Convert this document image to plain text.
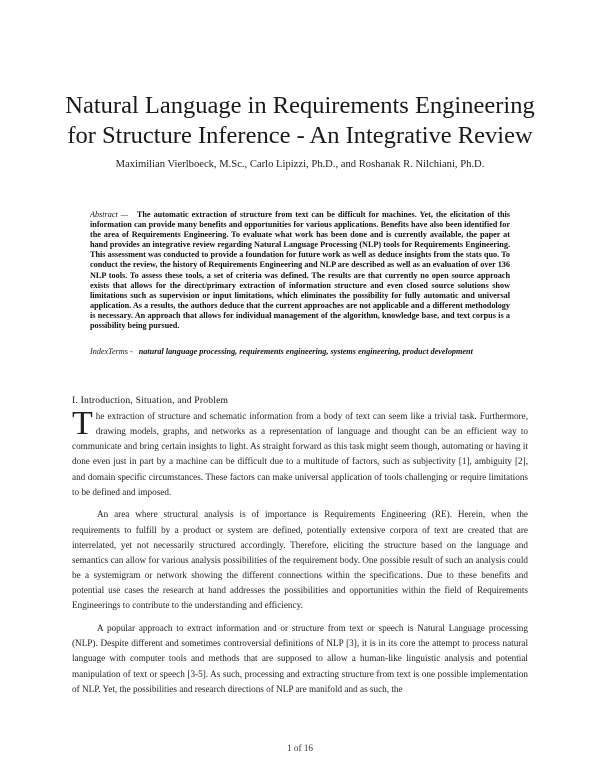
Natural Language in Requirements Engineering
for Structure Inference - An Integrative Review
Maximilian Vierlboeck, M.Sc., Carlo Lipizzi, Ph.D., and Roshanak R. Nilchiani, Ph.D.
Abstract — The automatic extraction of structure from text can be difficult for machines. Yet, the elicitation of this information can provide many benefits and opportunities for various applications. Benefits have also been identified for the area of Requirements Engineering. To evaluate what work has been done and is currently available, the paper at hand provides an integrative review regarding Natural Language Processing (NLP) tools for Requirements Engineering. This assessment was conducted to provide a foundation for future work as well as deduce insights from the stats quo. To conduct the review, the history of Requirements Engineering and NLP are described as well as an evaluation of over 136 NLP tools. To assess these tools, a set of criteria was defined. The results are that currently no open source approach exists that allows for the direct/primary extraction of information structure and even closed source solutions show limitations such as supervision or input limitations, which eliminates the possibility for fully automatic and universal application. As a results, the authors deduce that the current approaches are not applicable and a different methodology is necessary. An approach that allows for individual management of the algorithm, knowledge base, and text corpus is a possibility being pursued.
IndexTerms - natural language processing, requirements engineering, systems engineering, product development
I. Introduction, Situation, and Problem

The extraction of structure and schematic information from a body of text can seem like a trivial task. Furthermore, drawing models, graphs, and networks as a representation of language and thought can be an efficient way to communicate and bring certain insights to light. As straight forward as this task might seem though, automating or having it done even just in part by a machine can be difficult due to a multitude of factors, such as subjectivity [1], ambiguity [2], and domain specific circumstances. These factors can make universal application of tools challenging or require limitations to be defined and imposed.

An area where structural analysis is of importance is Requirements Engineering (RE). Herein, when the requirements to fulfill by a product or system are defined, potentially extensive corpora of text are created that are interrelated, yet not necessarily structured accordingly. Therefore, eliciting the structure based on the language and semantics can allow for various analysis possibilities of the requirement body. One possible result of such an analysis could be a systemigram or network showing the different connections within the specifications. Due to these benefits and potential use cases the research at hand addresses the possibilities and opportunities within the field of Requirements Engineerings to contribute to the understanding and efficiency.

A popular approach to extract information and or structure from text or speech is Natural Language processing (NLP). Despite different and sometimes controversial definitions of NLP [3], it is in its core the attempt to process natural language with computer tools and methods that are supposed to allow a human-like linguistic analysis and potential manipulation of text or speech [3-5]. As such, processing and extracting structure from text is one possible implementation of NLP. Yet, the possibilities and research directions of NLP are manifold and as such, the

1 of 16
